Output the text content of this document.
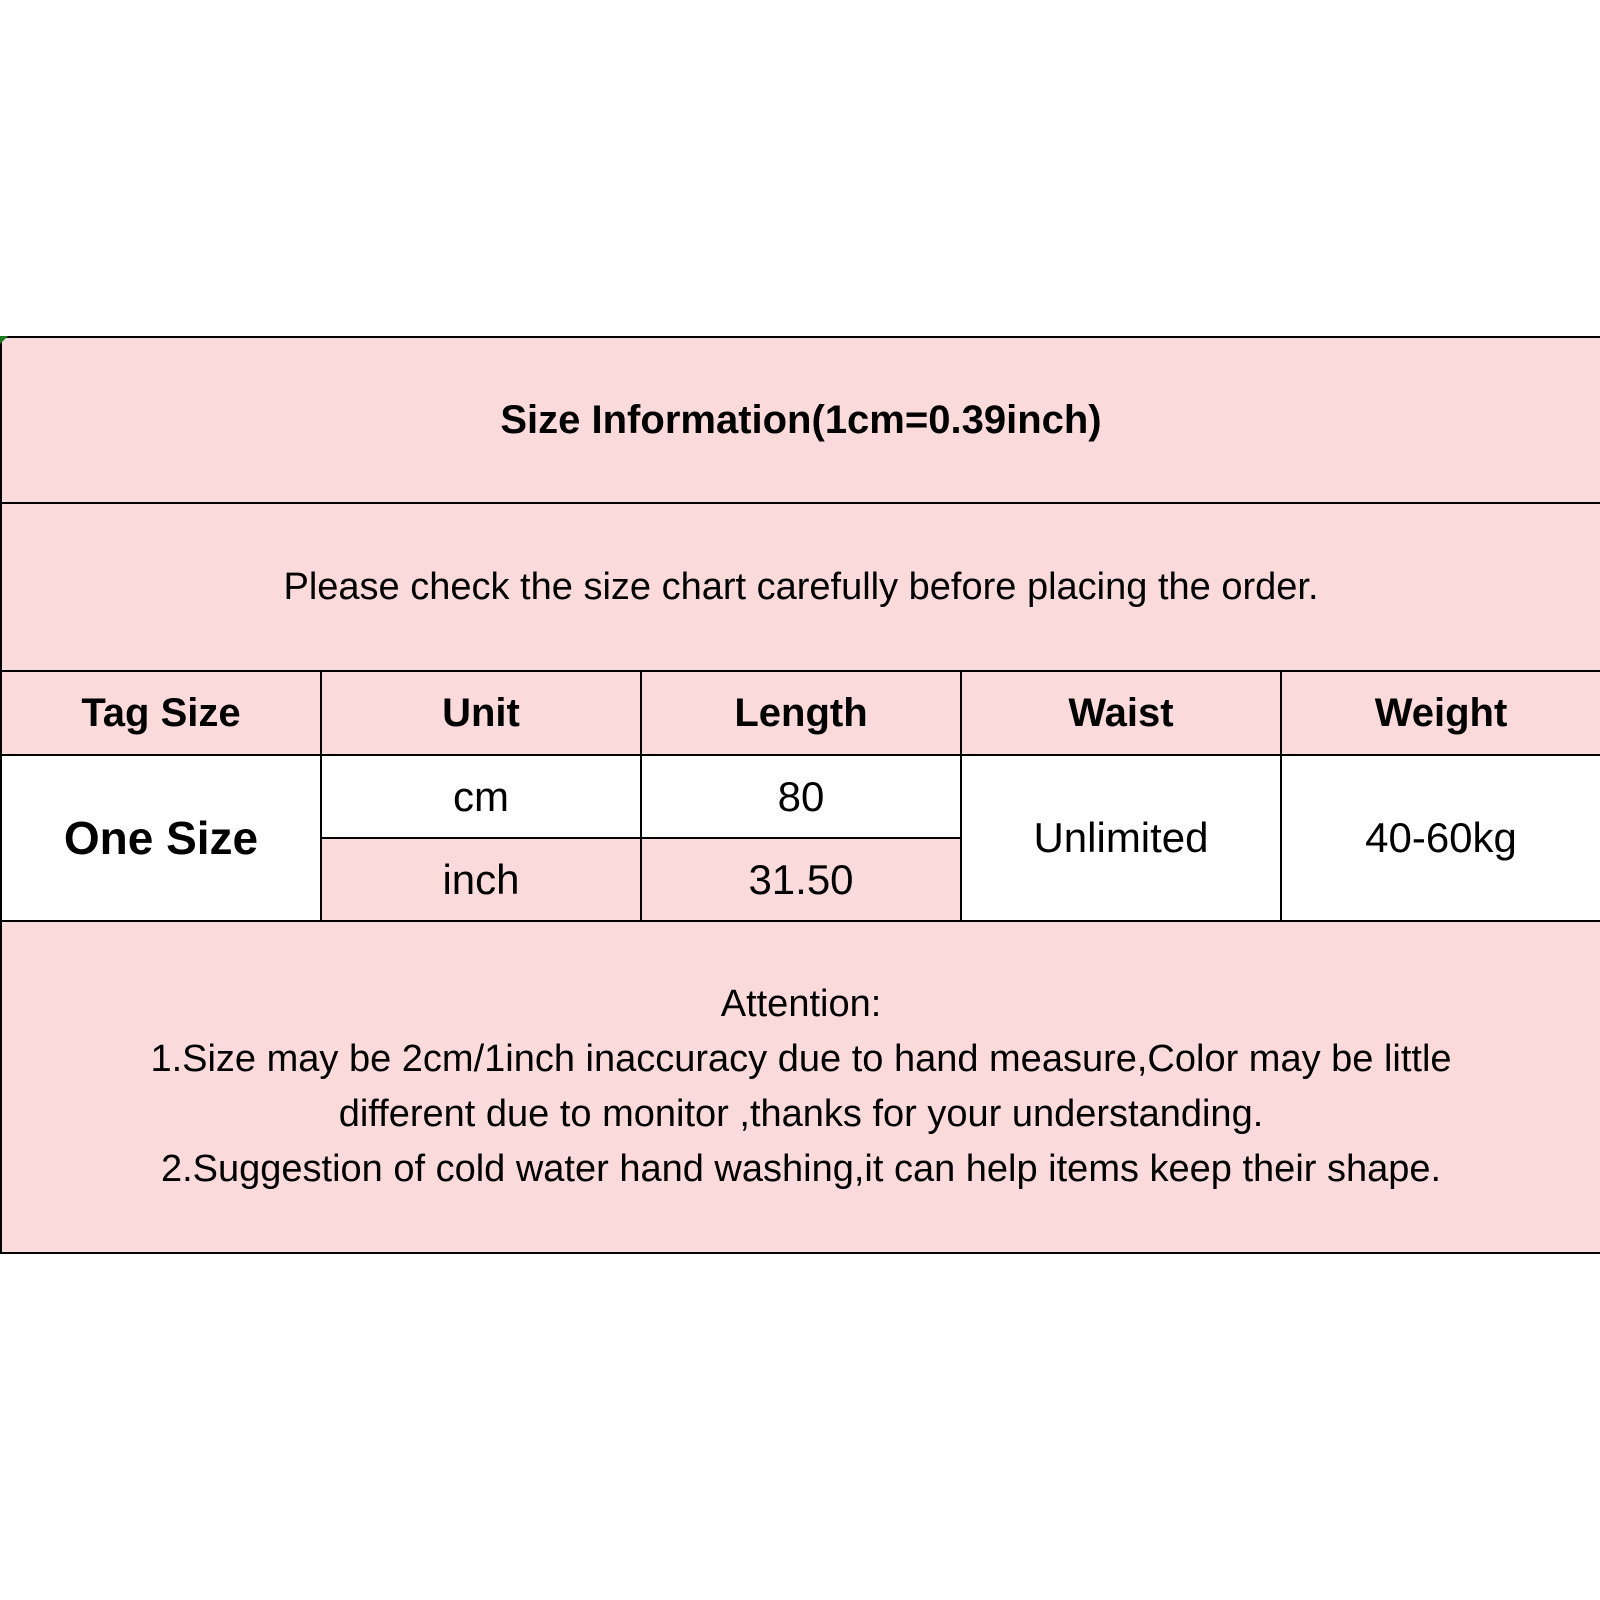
Size Information(1cm=0.39inch)				
Please check the size chart carefully before placing the order.				
Tag Size	Unit	Length	Waist	Weight
One Size	cm	80	Unlimited	40-60kg
	inch	31.50		

Attention:
1.Size may be 2cm/1inch inaccuracy due to hand measure,Color may be little
different due to monitor ,thanks for your understanding.
2.Suggestion of cold water hand washing,it can help items keep their shape.				
